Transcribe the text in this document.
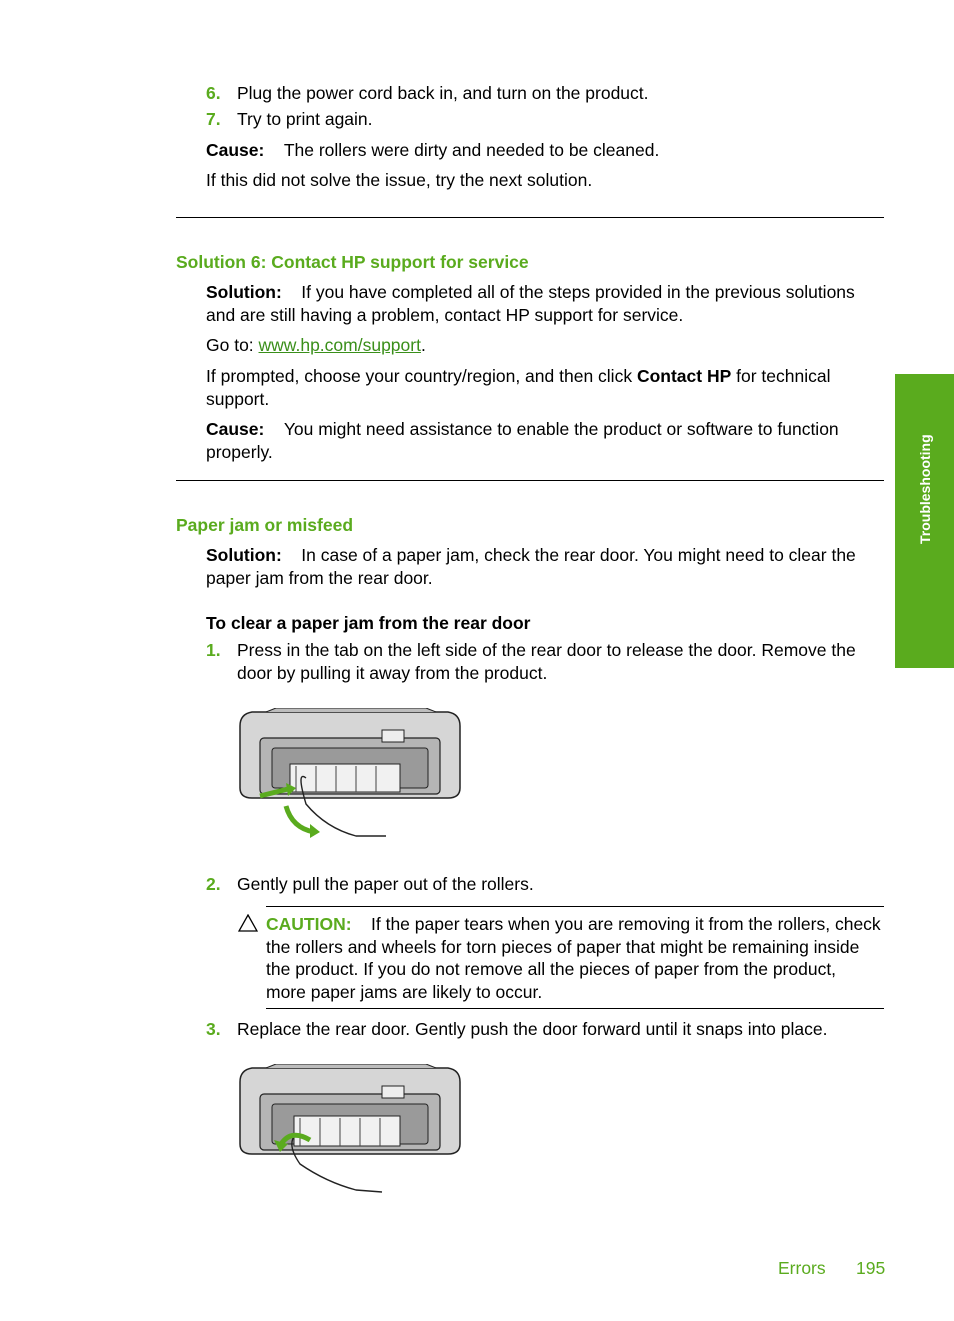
6. Plug the power cord back in, and turn on the product.
7. Try to print again.
Cause: The rollers were dirty and needed to be cleaned.
If this did not solve the issue, try the next solution.
Solution 6: Contact HP support for service
Solution: If you have completed all of the steps provided in the previous solutions
and are still having a problem, contact HP support for service.
Go to: www.hp.com/support.
If prompted, choose your country/region, and then click Contact HP for technical
support.
Cause: You might need assistance to enable the product or software to function
properly.
Paper jam or misfeed
Solution: In case of a paper jam, check the rear door. You might need to clear the
paper jam from the rear door.
To clear a paper jam from the rear door
1. Press in the tab on the left side of the rear door to release the door. Remove the
door by pulling it away from the product.
2. Gently pull the paper out of the rollers.
CAUTION: If the paper tears when you are removing it from the rollers, check
the rollers and wheels for torn pieces of paper that might be remaining inside
the product. If you do not remove all the pieces of paper from the product,
more paper jams are likely to occur.
3. Replace the rear door. Gently push the door forward until it snaps into place.
Troubleshooting
Errors 195
